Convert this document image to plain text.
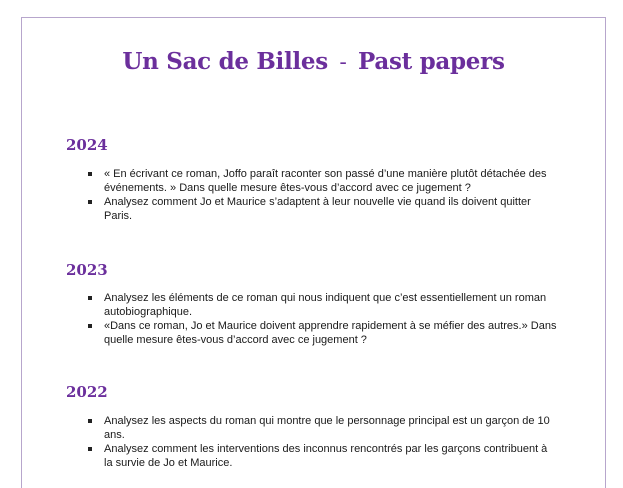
Un Sac de Billes – Past papers
2024
« En écrivant ce roman, Joffo paraît raconter son passé d’une manière plutôt détachée des événements. » Dans quelle mesure êtes-vous d’accord avec ce jugement ?
Analysez comment Jo et Maurice s’adaptent à leur nouvelle vie quand ils doivent quitter Paris.
2023
Analysez les éléments de ce roman qui nous indiquent que c’est essentiellement un roman autobiographique.
«Dans ce roman, Jo et Maurice doivent apprendre rapidement à se méfier des autres.» Dans quelle mesure êtes-vous d’accord avec ce jugement ?
2022
Analysez les aspects du roman qui montre que le personnage principal est un garçon de 10 ans.
Analysez comment les interventions des inconnus rencontrés par les garçons contribuent à la survie de Jo et Maurice.
